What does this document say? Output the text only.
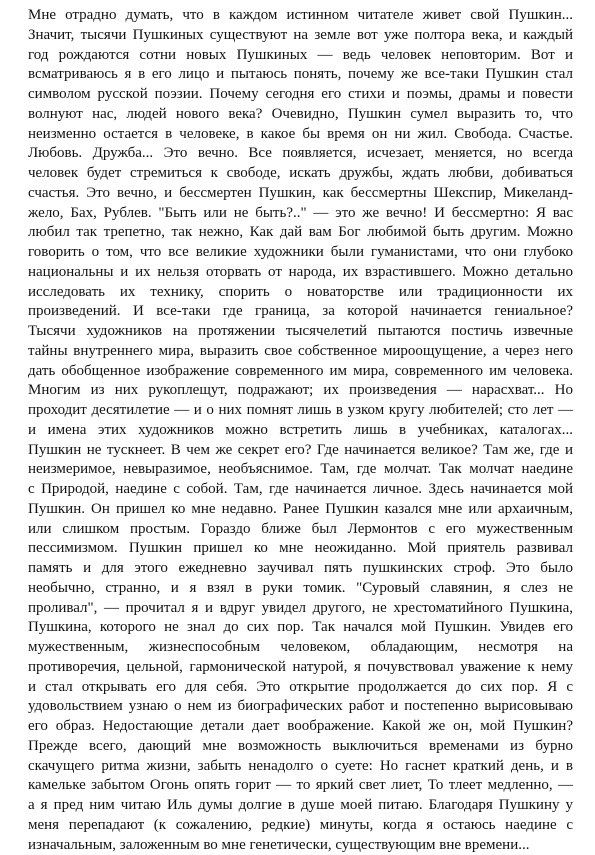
Мне отрадно думать, что в каждом истинном читателе живет свой Пушкин...
Значит, тысячи Пушкиных существуют на земле вот уже полтора века, и каждый
год рождаются сотни новых Пушкиных — ведь человек неповторим. Вот и
всматриваюсь я в его лицо и пытаюсь понять, почему же все-таки Пушкин стал
символом русской поэзии. Почему сегодня его стихи и поэмы, драмы и повести
волнуют нас, людей нового века? Очевидно, Пушкин сумел выразить то, что
неизменно остается в человеке, в какое бы время он ни жил. Свобода. Счастье.
Любовь. Дружба... Это вечно. Все появляется, исчезает, меняется, но всегда
человек будет стремиться к свободе, искать дружбы, ждать любви, добиваться
счастья. Это вечно, и бессмертен Пушкин, как бессмертны Шекспир, Микеланд-
жело, Бах, Рублев. "Быть или не быть?.." — это же вечно! И бессмертно: Я вас
любил так трепетно, так нежно, Как дай вам Бог любимой быть другим. Можно
говорить о том, что все великие художники были гуманистами, что они глубоко
национальны и их нельзя оторвать от народа, их взрастившего. Можно детально
исследовать их технику, спорить о новаторстве или традиционности их
произведений. И все-таки где граница, за которой начинается гениальное?
Тысячи художников на протяжении тысячелетий пытаются постичь извечные
тайны внутреннего мира, выразить свое собственное мироощущение, а через него
дать обобщенное изображение современного им мира, современного им человека.
Многим из них рукоплещут, подражают; их произведения — нарасхват... Но
проходит десятилетие — и о них помнят лишь в узком кругу любителей; сто лет —
и имена этих художников можно встретить лишь в учебниках, каталогах...
Пушкин не тускнеет. В чем же секрет его? Где начинается великое? Там же, где и
неизмеримое, невыразимое, необъяснимое. Там, где молчат. Так молчат наедине
с Природой, наедине с собой. Там, где начинается личное. Здесь начинается мой
Пушкин. Он пришел ко мне недавно. Ранее Пушкин казался мне или архаичным,
или слишком простым. Гораздо ближе был Лермонтов с его мужественным
пессимизмом. Пушкин пришел ко мне неожиданно. Мой приятель развивал
память и для этого ежедневно заучивал пять пушкинских строф. Это было
необычно, странно, и я взял в руки томик. "Суровый славянин, я слез не
проливал", — прочитал я и вдруг увидел другого, не хрестоматийного Пушкина,
Пушкина, которого не знал до сих пор. Так начался мой Пушкин. Увидев его
мужественным, жизнеспособным человеком, обладающим, несмотря на
противоречия, цельной, гармонической натурой, я почувствовал уважение к нему
и стал открывать его для себя. Это открытие продолжается до сих пор. Я с
удовольствием узнаю о нем из биографических работ и постепенно вырисовываю
его образ. Недостающие детали дает воображение. Какой же он, мой Пушкин?
Прежде всего, дающий мне возможность выключиться временами из бурно
скачущего ритма жизни, забыть ненадолго о суете: Но гаснет краткий день, и в
камельке забытом Огонь опять горит — то яркий свет лиет, То тлеет медленно, —
а я пред ним читаю Иль думы долгие в душе моей питаю. Благодаря Пушкину у
меня перепадают (к сожалению, редкие) минуты, когда я остаюсь наедине с
изначальным, заложенным во мне генетически, существующим вне времени...
